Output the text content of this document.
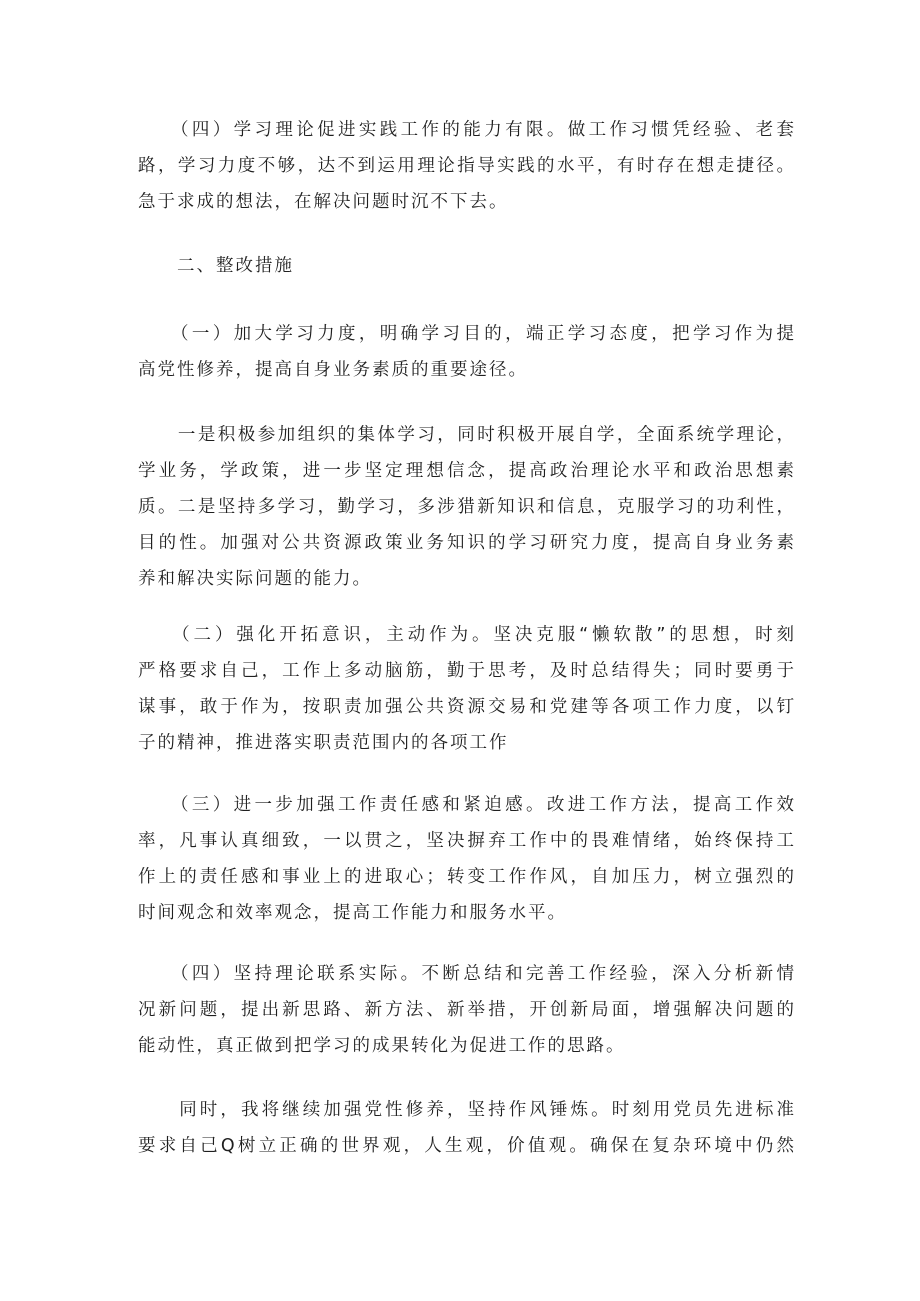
　　（四）学习理论促进实践工作的能力有限。做工作习惯凭经验、老套
路，学习力度不够，达不到运用理论指导实践的水平，有时存在想走捷径。
急于求成的想法，在解决问题时沉不下去。

　　二、整改措施

　　（一）加大学习力度，明确学习目的，端正学习态度，把学习作为提
高党性修养，提高自身业务素质的重要途径。

　　一是积极参加组织的集体学习，同时积极开展自学，全面系统学理论，
学业务，学政策，进一步坚定理想信念，提高政治理论水平和政治思想素
质。二是坚持多学习，勤学习，多涉猎新知识和信息，克服学习的功利性，
目的性。加强对公共资源政策业务知识的学习研究力度，提高自身业务素
养和解决实际问题的能力。

　　（二）强化开拓意识，主动作为。坚决克服“懒软散”的思想，时刻
严格要求自己，工作上多动脑筋，勤于思考，及时总结得失；同时要勇于
谋事，敢于作为，按职责加强公共资源交易和党建等各项工作力度，以钉
子的精神，推进落实职责范围内的各项工作

　　（三）进一步加强工作责任感和紧迫感。改进工作方法，提高工作效
率，凡事认真细致，一以贯之，坚决摒弃工作中的畏难情绪，始终保持工
作上的责任感和事业上的进取心；转变工作作风，自加压力，树立强烈的
时间观念和效率观念，提高工作能力和服务水平。

　　（四）坚持理论联系实际。不断总结和完善工作经验，深入分析新情
况新问题，提出新思路、新方法、新举措，开创新局面，增强解决问题的
能动性，真正做到把学习的成果转化为促进工作的思路。

　　同时，我将继续加强党性修养，坚持作风锤炼。时刻用党员先进标准
要求自己Q树立正确的世界观，人生观，价值观。确保在复杂环境中仍然
